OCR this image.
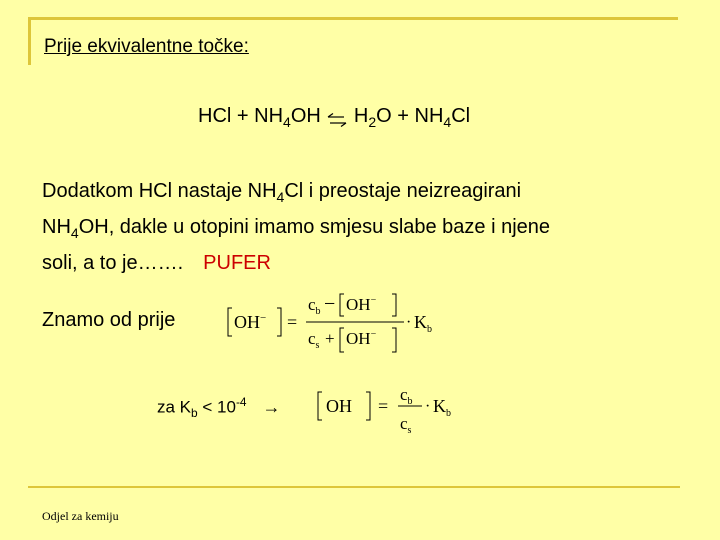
Prije ekvivalentne točke:
HCl + $NH_4OH$ ⇌ $H_2O + NH_4Cl$
Dodatkom HCl nastaje $NH_4Cl$ i preostaje neizreagirani
$NH_4OH$, dakle u otopini imamo smjesu slabe baze i njene
soli, a to je……. PUFER
Znamo od prije	OH− =
$c_b - OH^-$
$c_s + OH^-$
· $K_b$
za $K_b < 10^{-4}$ →	OH =
$c_b$
$c_s$
· $K_b$
Odjel za kemiju
